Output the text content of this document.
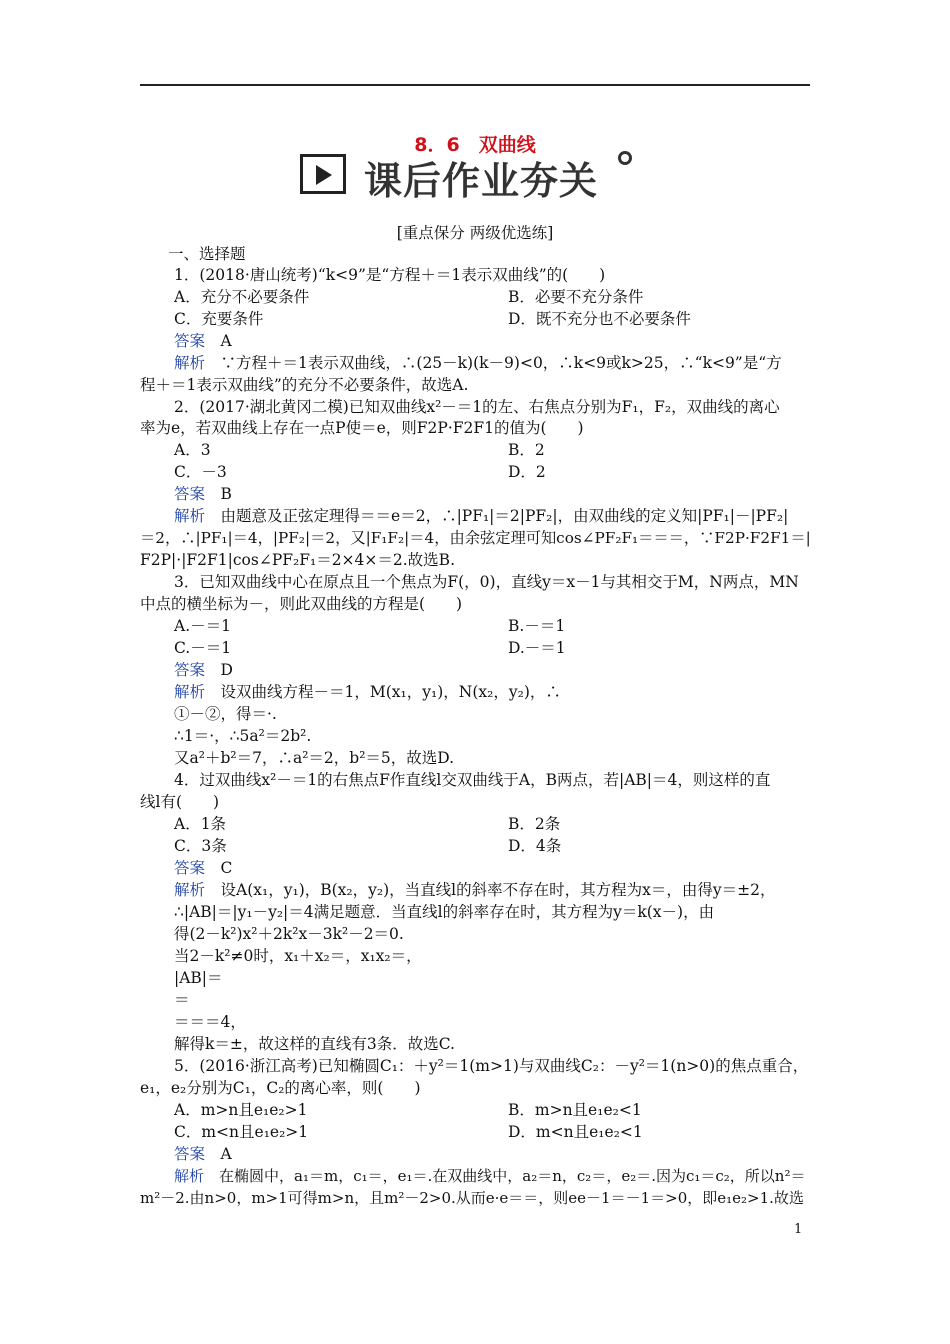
8．6　双曲线
课后作业夯关
[重点保分 两级优选练]
一、选择题
1．(2018·唐山统考)“k<9”是“方程＋＝1表示双曲线”的(　　)
A．充分不必要条件	B．必要不充分条件
C．充要条件	D．既不充分也不必要条件
答案　 A
解析　 ∵方程＋＝1表示双曲线，∴(25－k)(k－9)<0，∴k<9或k>25，∴“k<9”是“方
程＋＝1表示双曲线”的充分不必要条件，故选A.
2．(2017·湖北黄冈二模)已知双曲线x²－＝1的左、右焦点分别为F₁，F₂，双曲线的离心
率为e，若双曲线上存在一点P使＝e，则F2P·F2F1的值为(　　)
A．3	B．2
C．－3	D．2
答案　 B
解析　 由题意及正弦定理得＝＝e＝2，∴|PF₁|＝2|PF₂|，由双曲线的定义知|PF₁|－|PF₂|
＝2，∴|PF₁|＝4，|PF₂|＝2，又|F₁F₂|＝4，由余弦定理可知cos∠PF₂F₁＝＝＝，∵F2P·F2F1＝|
F2P|·|F2F1|cos∠PF₂F₁＝2×4×＝2.故选B.
3．已知双曲线中心在原点且一个焦点为F(，0)，直线y＝x－1与其相交于M，N两点，MN
中点的横坐标为－，则此双曲线的方程是(　　)
A.－＝1	B.－＝1
C.－＝1	D.－＝1
答案　 D
解析　 设双曲线方程－＝1，M(x₁，y₁)，N(x₂，y₂)，∴
①－②，得＝·.
∴1＝·，∴5a²＝2b².
又a²＋b²＝7，∴a²＝2，b²＝5，故选D.
4．过双曲线x²－＝1的右焦点F作直线l交双曲线于A，B两点，若|AB|＝4，则这样的直
线l有(　　)
A．1条	B．2条
C．3条	D．4条
答案　 C
解析　 设A(x₁，y₁)，B(x₂，y₂)，当直线l的斜率不存在时，其方程为x＝，由得y＝±2，
∴|AB|＝|y₁－y₂|＝4满足题意．当直线l的斜率存在时，其方程为y＝k(x－)，由
得(2－k²)x²＋2k²x－3k²－2＝0.
当2－k²≠0时，x₁＋x₂＝，x₁x₂＝，
|AB|＝
＝
＝＝＝4，
解得k＝±，故这样的直线有3条．故选C.
5．(2016·浙江高考)已知椭圆C₁：＋y²＝1(m>1)与双曲线C₂：－y²＝1(n>0)的焦点重合，
e₁，e₂分别为C₁，C₂的离心率，则(　　)
A．m>n且e₁e₂>1	B．m>n且e₁e₂<1
C．m<n且e₁e₂>1	D．m<n且e₁e₂<1
答案　 A
解析　 在椭圆中，a₁＝m，c₁＝，e₁＝.在双曲线中，a₂＝n，c₂＝，e₂＝.因为c₁＝c₂，所以n²＝
m²－2.由n>0，m>1可得m>n，且m²－2>0.从而e·e＝＝，则ee－1＝－1＝>0，即e₁e₂>1.故选
1
